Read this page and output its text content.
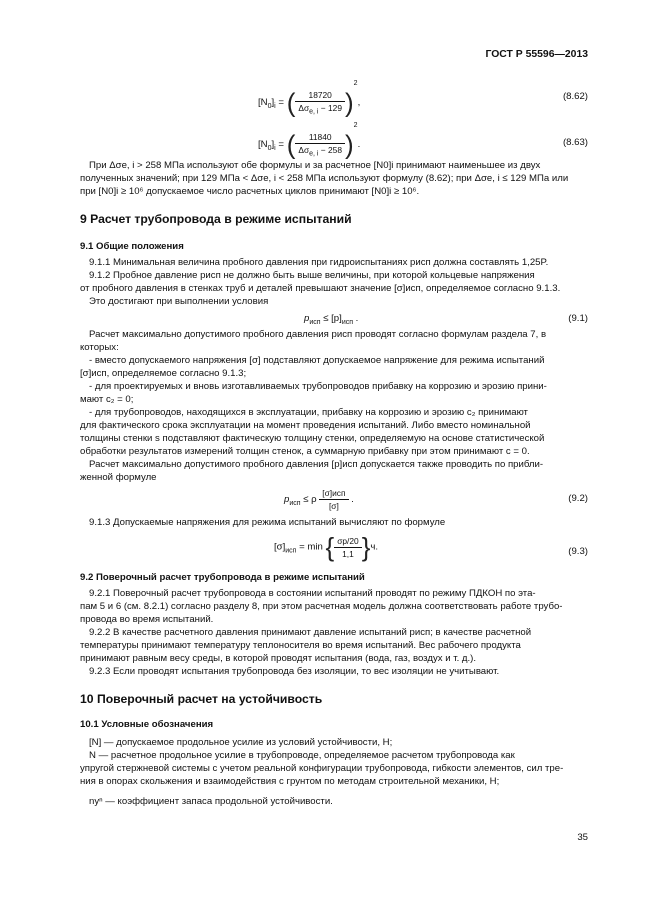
ГОСТ Р 55596—2013
$[N_0]_i$ = ( $\frac{18720}{\Delta\sigma_{е, i} - 129} )^2$,
(8.62)
$[N_0]_i$ = ( $\frac{11840}{\Delta\sigma_{е, i} - 258} )^2$.	(8.63)
При Δσе, i > 258 МПа используют обе формулы и за расчетное [N0]i принимают наименьшее из двух
полученных значений; при 129 МПа < Δσе, i < 258 МПа используют формулу (8.62); при Δσе, i ≤ 129 МПа или
при [N0]i ≥ 10⁶ допускаемое число расчетных циклов принимают [N0]i ≥ 10⁶.
9 Расчет трубопровода в режиме испытаний
9.1 Общие положения
9.1.1 Минимальная величина пробного давления при гидроиспытаниях pисп должна составлять 1,25P.
9.1.2 Пробное давление pисп не должно быть выше величины, при которой кольцевые напряжения
от пробного давления в стенках труб и деталей превышают значение [σ]исп, определяемое согласно 9.1.3.
Это достигают при выполнении условия
$p_{исп} \le [p]_{исп}$ .	(9.1)
Расчет максимально допустимого пробного давления pисп проводят согласно формулам раздела 7, в
которых:
- вместо допускаемого напряжения [σ] подставляют допускаемое напряжение для режима испытаний
[σ]исп, определяемое согласно 9.1.3;
- для проектируемых и вновь изготавливаемых трубопроводов прибавку на коррозию и эрозию прини-
мают c₂ = 0;
- для трубопроводов, находящихся в эксплуатации, прибавку на коррозию и эрозию c₂ принимают
для фактического срока эксплуатации на момент проведения испытаний. Либо вместо номинальной
толщины стенки s подставляют фактическую толщину стенки, определяемую на основе статистической
обработки результатов измерений толщин стенок, а суммарную прибавку при этом принимают c = 0.
Расчет максимально допустимого пробного давления [p]исп допускается также проводить по прибли-
женной формуле
$p_{исп} \le \rho \frac{\text{[σ]исп}}{[\sigma]}$ .	(9.2)
9.1.3 Допускаемые напряжения для режима испытаний вычисляют по формуле
$[\sigma]_{исп} = \min$ { $\frac{\sigma p/20}{1,1} \}ч$.	(9.3)
9.2 Поверочный расчет трубопровода в режиме испытаний
9.2.1 Поверочный расчет трубопровода в состоянии испытаний проводят по режиму ПДКОН по эта-
пам 5 и 6 (см. 8.2.1) согласно разделу 8, при этом расчетная модель должна соответствовать работе трубо-
провода во время испытаний.
9.2.2 В качестве расчетного давления принимают давление испытаний pисп; в качестве расчетной
температуры принимают температуру теплоносителя во время испытаний. Вес рабочего продукта
принимают равным весу среды, в которой проводят испытания (вода, газ, воздух и т. д.).
9.2.3 Если проводят испытания трубопровода без изоляции, то вес изоляции не учитывают.
10 Поверочный расчет на устойчивость
10.1 Условные обозначения
[N] — допускаемое продольное усилие из условий устойчивости, Н;
N — расчетное продольное усилие в трубопроводе, определяемое расчетом трубопровода как
упругой стержневой системы с учетом реальной конфигурации трубопровода, гибкости элементов, сил тре-
ния в опорах скольжения и взаимодействия с грунтом по методам строительной механики, Н;
nyⁿ — коэффициент запаса продольной устойчивости.
35
